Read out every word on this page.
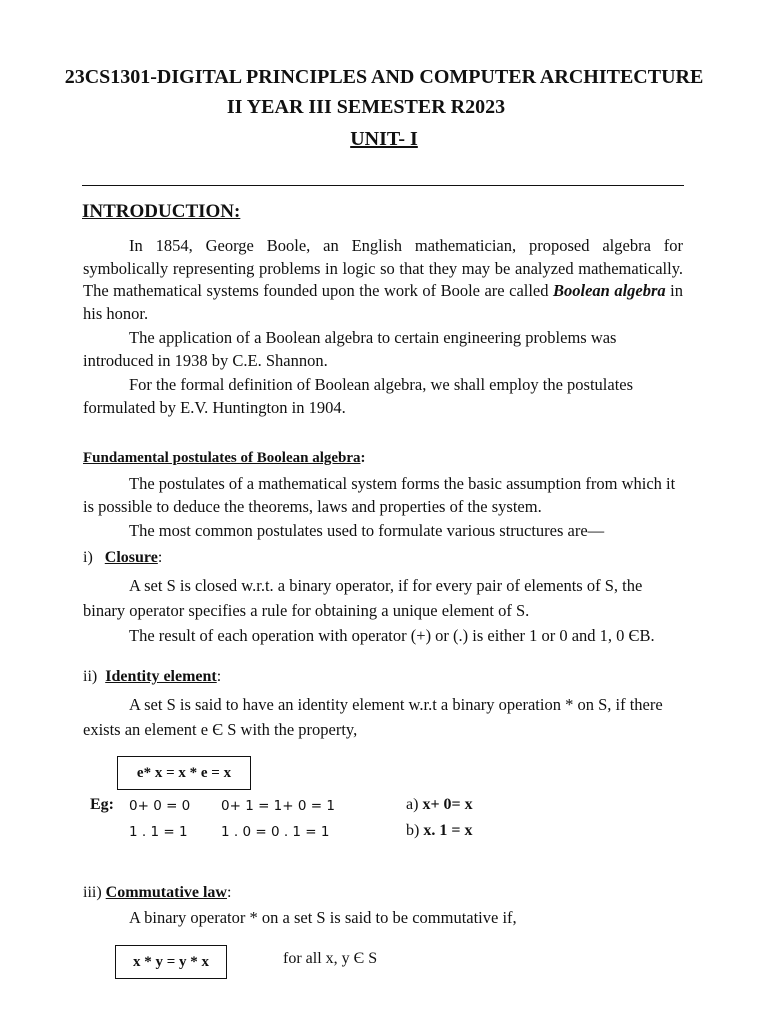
23CS1301-DIGITAL PRINCIPLES AND COMPUTER ARCHITECTURE
II YEAR III SEMESTER R2023
UNIT- I
INTRODUCTION:
In 1854, George Boole, an English mathematician, proposed algebra for symbolically representing problems in logic so that they may be analyzed mathematically. The mathematical systems founded upon the work of Boole are called Boolean algebra in his honor.
The application of a Boolean algebra to certain engineering problems was introduced in 1938 by C.E. Shannon.
For the formal definition of Boolean algebra, we shall employ the postulates formulated by E.V. Huntington in 1904.
Fundamental postulates of Boolean algebra:
The postulates of a mathematical system forms the basic assumption from which it is possible to deduce the theorems, laws and properties of the system.
The most common postulates used to formulate various structures are—
i) Closure:
A set S is closed w.r.t. a binary operator, if for every pair of elements of S, the binary operator specifies a rule for obtaining a unique element of S.
The result of each operation with operator (+) or (.) is either 1 or 0 and 1, 0 ЄB.
ii) Identity element:
A set S is said to have an identity element w.r.t a binary operation * on S, if there exists an element e Є S with the property,
e* x = x * e = x
Eg: 0+ 0 = 0 0+ 1 = 1+ 0 = 1	a) x+ 0= x
1 . 1 = 1 1 . 0 = 0 . 1 = 1	b) x. 1 = x
iii) Commutative law:
A binary operator * on a set S is said to be commutative if,
x * y = y * x	for all x, y Є S
